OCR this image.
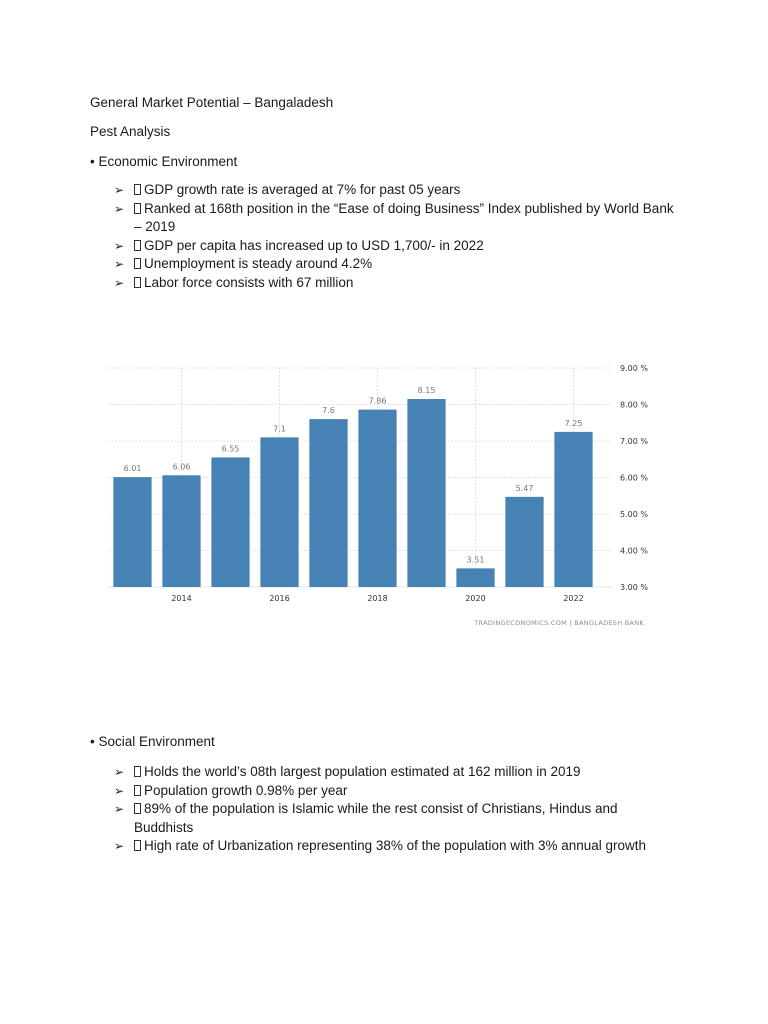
General Market Potential – Bangaladesh
Pest Analysis
• Economic Environment
➢ GDP growth rate is averaged at 7% for past 05 years
➢ Ranked at 168th position in the “Ease of doing Business” Index published by World Bank – 2019
➢ GDP per capita has increased up to USD 1,700/- in 2022
➢ Unemployment is steady around 4.2%
➢ Labor force consists with 67 million
6.01	6.06
6.55
7.1
7.6
7.86
8.15
3.51
5.47
7.25
2014	2016	2018	2020	2022
3.00 %
4.00 %
5.00 %
6.00 %
7.00 %
8.00 %
9.00 %
TRADINGECONOMICS.COM | BANGLADESH BANK
• Social Environment
➢ Holds the world’s 08th largest population estimated at 162 million in 2019
➢ Population growth 0.98% per year
➢ 89% of the population is Islamic while the rest consist of Christians, Hindus and Buddhists
➢ High rate of Urbanization representing 38% of the population with 3% annual growth
